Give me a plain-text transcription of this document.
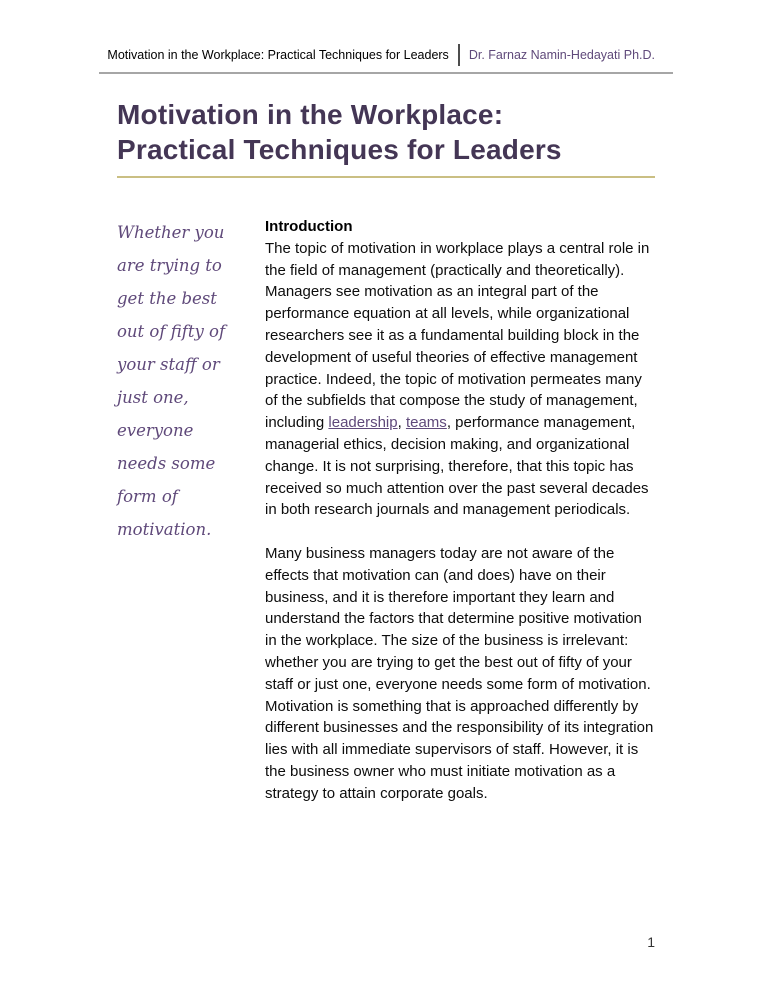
Motivation in the Workplace: Practical Techniques for Leaders Dr. Farnaz Namin-Hedayati Ph.D.
Motivation in the Workplace:
Practical Techniques for Leaders
Whether you are trying to get the best out of fifty of your staff or just one, everyone needs some form of motivation.
Introduction

The topic of motivation in workplace plays a central role in the field of management (practically and theoretically). Managers see motivation as an integral part of the performance equation at all levels, while organizational researchers see it as a fundamental building block in the development of useful theories of effective management practice. Indeed, the topic of motivation permeates many of the subfields that compose the study of management, including leadership, teams, performance management, managerial ethics, decision making, and organizational change. It is not surprising, therefore, that this topic has received so much attention over the past several decades in both research journals and management periodicals.

Many business managers today are not aware of the effects that motivation can (and does) have on their business, and it is therefore important they learn and understand the factors that determine positive motivation in the workplace. The size of the business is irrelevant: whether you are trying to get the best out of fifty of your staff or just one, everyone needs some form of motivation. Motivation is something that is approached differently by different businesses and the responsibility of its integration lies with all immediate supervisors of staff. However, it is the business owner who must initiate motivation as a strategy to attain corporate goals.

1
